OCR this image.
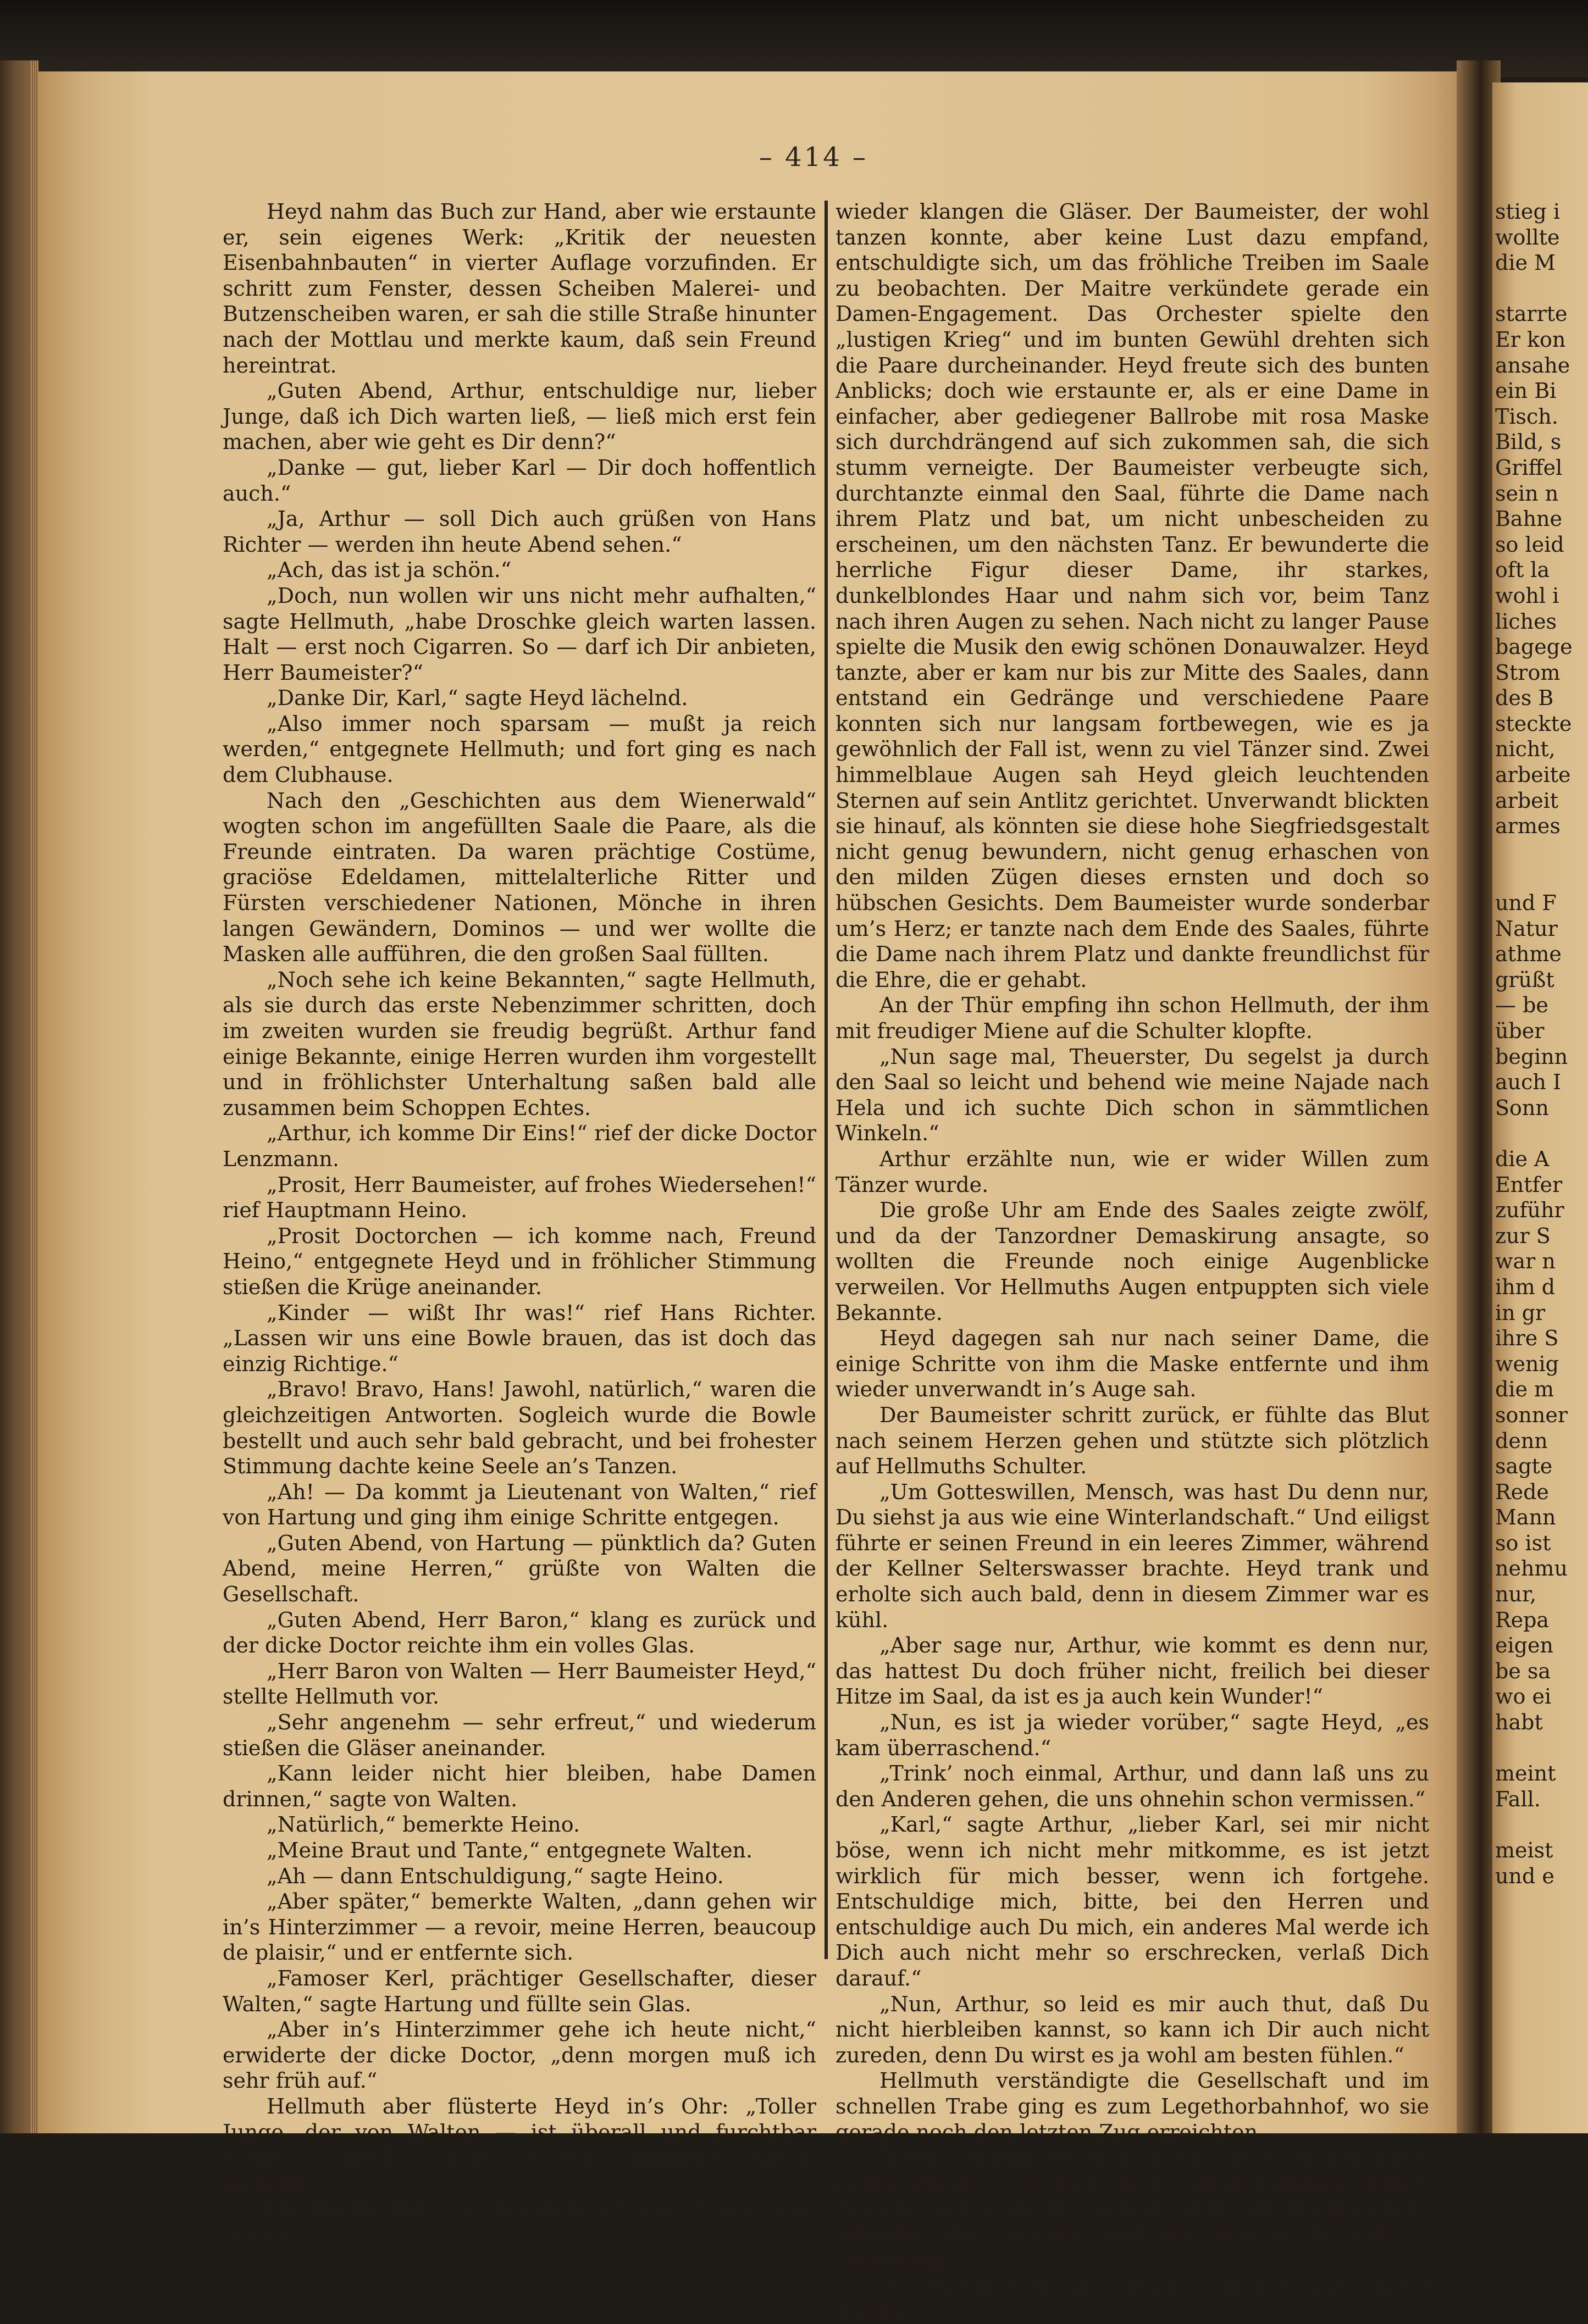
– 414 –

Heyd nahm das Buch zur Hand, aber wie erstaunte er, sein eigenes Werk: „Kritik der neuesten Eisenbahnbauten“ in vierter Auflage vorzufinden. Er schritt zum Fenster, dessen Scheiben Malerei- und Butzenscheiben waren, er sah die stille Straße hinunter nach der Mottlau und merkte kaum, daß sein Freund hereintrat.

„Guten Abend, Arthur, entschuldige nur, lieber Junge, daß ich Dich warten ließ, — ließ mich erst fein machen, aber wie geht es Dir denn?“

„Danke — gut, lieber Karl — Dir doch hoffentlich auch.“

„Ja, Arthur — soll Dich auch grüßen von Hans Richter — werden ihn heute Abend sehen.“

„Ach, das ist ja schön.“

„Doch, nun wollen wir uns nicht mehr aufhalten,“ sagte Hellmuth, „habe Droschke gleich warten lassen. Halt — erst noch Cigarren. So — darf ich Dir anbieten, Herr Baumeister?“

„Danke Dir, Karl,“ sagte Heyd lächelnd.

„Also immer noch sparsam — mußt ja reich werden,“ entgegnete Hellmuth; und fort ging es nach dem Clubhause.

Nach den „Geschichten aus dem Wienerwald“ wogten schon im angefüllten Saale die Paare, als die Freunde eintraten. Da waren prächtige Costüme, graciöse Edeldamen, mittelalterliche Ritter und Fürsten verschiedener Nationen, Mönche in ihren langen Gewändern, Dominos — und wer wollte die Masken alle aufführen, die den großen Saal füllten.

„Noch sehe ich keine Bekannten,“ sagte Hellmuth, als sie durch das erste Nebenzimmer schritten, doch im zweiten wurden sie freudig begrüßt. Arthur fand einige Bekannte, einige Herren wurden ihm vorgestellt und in fröhlichster Unterhaltung saßen bald alle zusammen beim Schoppen Echtes.

„Arthur, ich komme Dir Eins!“ rief der dicke Doctor Lenzmann.

„Prosit, Herr Baumeister, auf frohes Wiedersehen!“ rief Hauptmann Heino.

„Prosit Doctorchen — ich komme nach, Freund Heino,“ entgegnete Heyd und in fröhlicher Stimmung stießen die Krüge aneinander.

„Kinder — wißt Ihr was!“ rief Hans Richter. „Lassen wir uns eine Bowle brauen, das ist doch das einzig Richtige.“

„Bravo! Bravo, Hans! Jawohl, natürlich,“ waren die gleichzeitigen Antworten. Sogleich wurde die Bowle bestellt und auch sehr bald gebracht, und bei frohester Stimmung dachte keine Seele an’s Tanzen.

„Ah! — Da kommt ja Lieutenant von Walten,“ rief von Hartung und ging ihm einige Schritte entgegen.

„Guten Abend, von Hartung — pünktlich da? Guten Abend, meine Herren,“ grüßte von Walten die Gesellschaft.

„Guten Abend, Herr Baron,“ klang es zurück und der dicke Doctor reichte ihm ein volles Glas.

„Herr Baron von Walten — Herr Baumeister Heyd,“ stellte Hellmuth vor.

„Sehr angenehm — sehr erfreut,“ und wiederum stießen die Gläser aneinander.

„Kann leider nicht hier bleiben, habe Damen drinnen,“ sagte von Walten.

„Natürlich,“ bemerkte Heino.

„Meine Braut und Tante,“ entgegnete Walten.

„Ah — dann Entschuldigung,“ sagte Heino.

„Aber später,“ bemerkte Walten, „dann gehen wir in’s Hinterzimmer — a revoir, meine Herren, beaucoup de plaisir,“ und er entfernte sich.

„Famoser Kerl, prächtiger Gesellschafter, dieser Walten,“ sagte Hartung und füllte sein Glas.

„Aber in’s Hinterzimmer gehe ich heute nicht,“ erwiderte der dicke Doctor, „denn morgen muß ich sehr früh auf.“

Hellmuth aber flüsterte Heyd in’s Ohr: „Toller Junge, der von Walten — ist überall und furchtbar leicht — spielt — hast Du eine Ahnung?“ Arthur lächelte.

Die zweite Bowle wurde gebracht und wieder und immer

wieder klangen die Gläser. Der Baumeister, der wohl tanzen konnte, aber keine Lust dazu empfand, entschuldigte sich, um das fröhliche Treiben im Saale zu beobachten. Der Maitre verkündete gerade ein Damen-Engagement. Das Orchester spielte den „lustigen Krieg“ und im bunten Gewühl drehten sich die Paare durcheinander. Heyd freute sich des bunten Anblicks; doch wie erstaunte er, als er eine Dame in einfacher, aber gediegener Ballrobe mit rosa Maske sich durchdrängend auf sich zukommen sah, die sich stumm verneigte. Der Baumeister verbeugte sich, durchtanzte einmal den Saal, führte die Dame nach ihrem Platz und bat, um nicht unbescheiden zu erscheinen, um den nächsten Tanz. Er bewunderte die herrliche Figur dieser Dame, ihr starkes, dunkelblondes Haar und nahm sich vor, beim Tanz nach ihren Augen zu sehen. Nach nicht zu langer Pause spielte die Musik den ewig schönen Donauwalzer. Heyd tanzte, aber er kam nur bis zur Mitte des Saales, dann entstand ein Gedränge und verschiedene Paare konnten sich nur langsam fortbewegen, wie es ja gewöhnlich der Fall ist, wenn zu viel Tänzer sind. Zwei himmelblaue Augen sah Heyd gleich leuchtenden Sternen auf sein Antlitz gerichtet. Unverwandt blickten sie hinauf, als könnten sie diese hohe Siegfriedsgestalt nicht genug bewundern, nicht genug erhaschen von den milden Zügen dieses ernsten und doch so hübschen Gesichts. Dem Baumeister wurde sonderbar um’s Herz; er tanzte nach dem Ende des Saales, führte die Dame nach ihrem Platz und dankte freundlichst für die Ehre, die er gehabt.

An der Thür empfing ihn schon Hellmuth, der ihm mit freudiger Miene auf die Schulter klopfte.

„Nun sage mal, Theuerster, Du segelst ja durch den Saal so leicht und behend wie meine Najade nach Hela und ich suchte Dich schon in sämmtlichen Winkeln.“

Arthur erzählte nun, wie er wider Willen zum Tänzer wurde.

Die große Uhr am Ende des Saales zeigte zwölf, und da der Tanzordner Demaskirung ansagte, so wollten die Freunde noch einige Augenblicke verweilen. Vor Hellmuths Augen entpuppten sich viele Bekannte.

Heyd dagegen sah nur nach seiner Dame, die einige Schritte von ihm die Maske entfernte und ihm wieder unverwandt in’s Auge sah.

Der Baumeister schritt zurück, er fühlte das Blut nach seinem Herzen gehen und stützte sich plötzlich auf Hellmuths Schulter.

„Um Gotteswillen, Mensch, was hast Du denn nur, Du siehst ja aus wie eine Winterlandschaft.“ Und eiligst führte er seinen Freund in ein leeres Zimmer, während der Kellner Selterswasser brachte. Heyd trank und erholte sich auch bald, denn in diesem Zimmer war es kühl.

„Aber sage nur, Arthur, wie kommt es denn nur, das hattest Du doch früher nicht, freilich bei dieser Hitze im Saal, da ist es ja auch kein Wunder!“

„Nun, es ist ja wieder vorüber,“ sagte Heyd, „es kam überraschend.“

„Trink’ noch einmal, Arthur, und dann laß uns zu den Anderen gehen, die uns ohnehin schon vermissen.“

„Karl,“ sagte Arthur, „lieber Karl, sei mir nicht böse, wenn ich nicht mehr mitkomme, es ist jetzt wirklich für mich besser, wenn ich fortgehe. Entschuldige mich, bitte, bei den Herren und entschuldige auch Du mich, ein anderes Mal werde ich Dich auch nicht mehr so erschrecken, verlaß Dich darauf.“

„Nun, Arthur, so leid es mir auch thut, daß Du nicht hierbleiben kannst, so kann ich Dir auch nicht zureden, denn Du wirst es ja wohl am besten fühlen.“

Hellmuth verständigte die Gesellschaft und im schnellen Trabe ging es zum Legethorbahnhof, wo sie gerade noch den letzten Zug erreichten.

Arthur versprach seinem Freunde, ihm morgen einige Zeilen zu senden, Karl dagegen alsbald seinen Besuch; mit „gute Besserung“ und „auf Wiederseh’n“ schieden die Freunde und der Zug setzte sich in Bewegung.

Der Baumeister, der anfangs nach Hause fahren wollte,

stieg i
wollte
die M
starrte
Er kon
ansahe
ein Bi
Tisch.
Bild, s
Griffel
sein n
Bahne
so leid
oft la
wohl i
liches
bagege
Strom
des B
steckte
nicht,
arbeite
arbeit
armes
und F
Natur
athme
grüßt
— be
über
beginn
auch I
Sonn
die A
Entfer
zuführ
zur S
war n
ihm d
in gr
ihre S
wenig
die m
sonner
denn
sagte
Rede
Mann
so ist
nehmu
nur,
Repa
eigen
be sa
wo ei
habt
meint
Fall.
meist
und e
